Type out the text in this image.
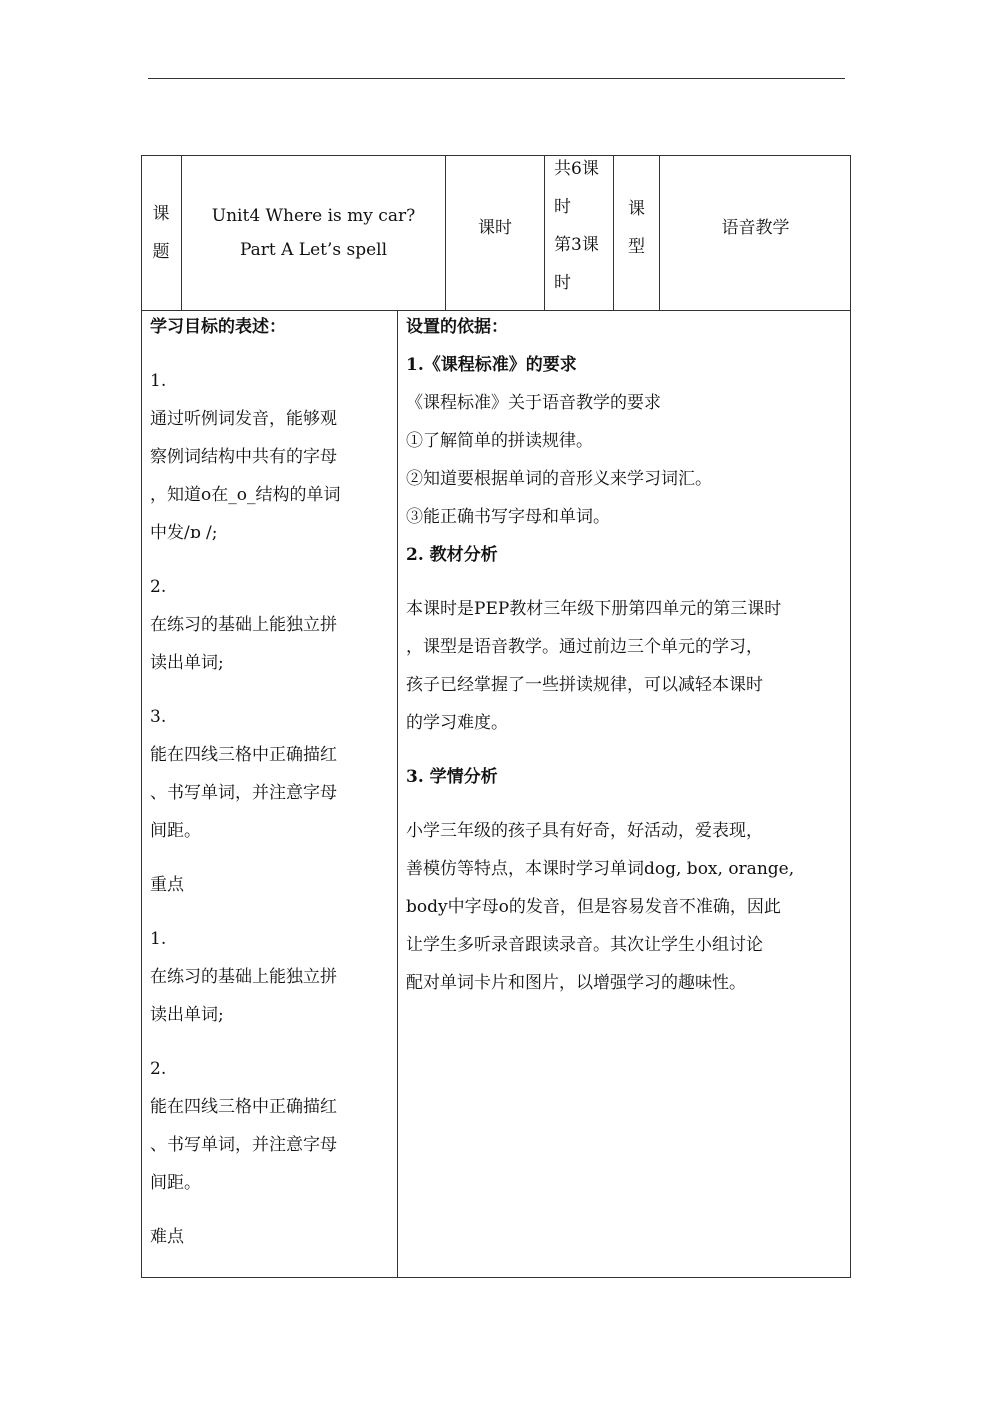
课
题
Unit4 Where is my car?
Part A Let’s spell
课时
共6课
时
第3课
时
课
型
语音教学
学习目标的表述：
1.
通过听例词发音，能够观
察例词结构中共有的字母
，知道o在_o_结构的单词
中发/ɒ /;
2.
在练习的基础上能独立拼
读出单词;
3.
能在四线三格中正确描红
、书写单词，并注意字母
间距。
重点
1.
在练习的基础上能独立拼
读出单词;
2.
能在四线三格中正确描红
、书写单词，并注意字母
间距。
难点
设置的依据：
1.《课程标准》的要求
《课程标准》关于语音教学的要求
①了解简单的拼读规律。
②知道要根据单词的音形义来学习词汇。
③能正确书写字母和单词。
2. 教材分析
本课时是PEP教材三年级下册第四单元的第三课时
，课型是语音教学。通过前边三个单元的学习，
孩子已经掌握了一些拼读规律，可以减轻本课时
的学习难度。
3. 学情分析
小学三年级的孩子具有好奇，好活动，爱表现，
善模仿等特点，本课时学习单词dog, box, orange,
body中字母o的发音，但是容易发音不准确，因此
让学生多听录音跟读录音。其次让学生小组讨论
配对单词卡片和图片，以增强学习的趣味性。
